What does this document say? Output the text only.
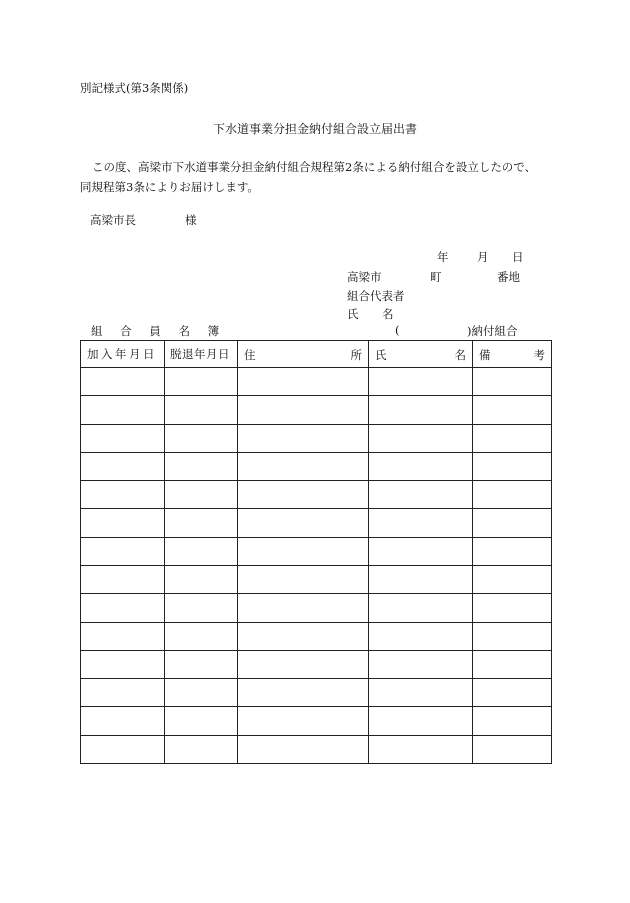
別記様式(第3条関係)
下水道事業分担金納付組合設立届出書
この度、高梁市下水道事業分担金納付組合規程第2条による納付組合を設立したので、
同規程第3条によりお届けします。
高梁市長	様
年 月 日
高梁市	町	番地
組合代表者
氏 名
組 合 員 名 簿	(	)納付組合
加入年月日	脱退年月日	住 所	氏 名	備 考
